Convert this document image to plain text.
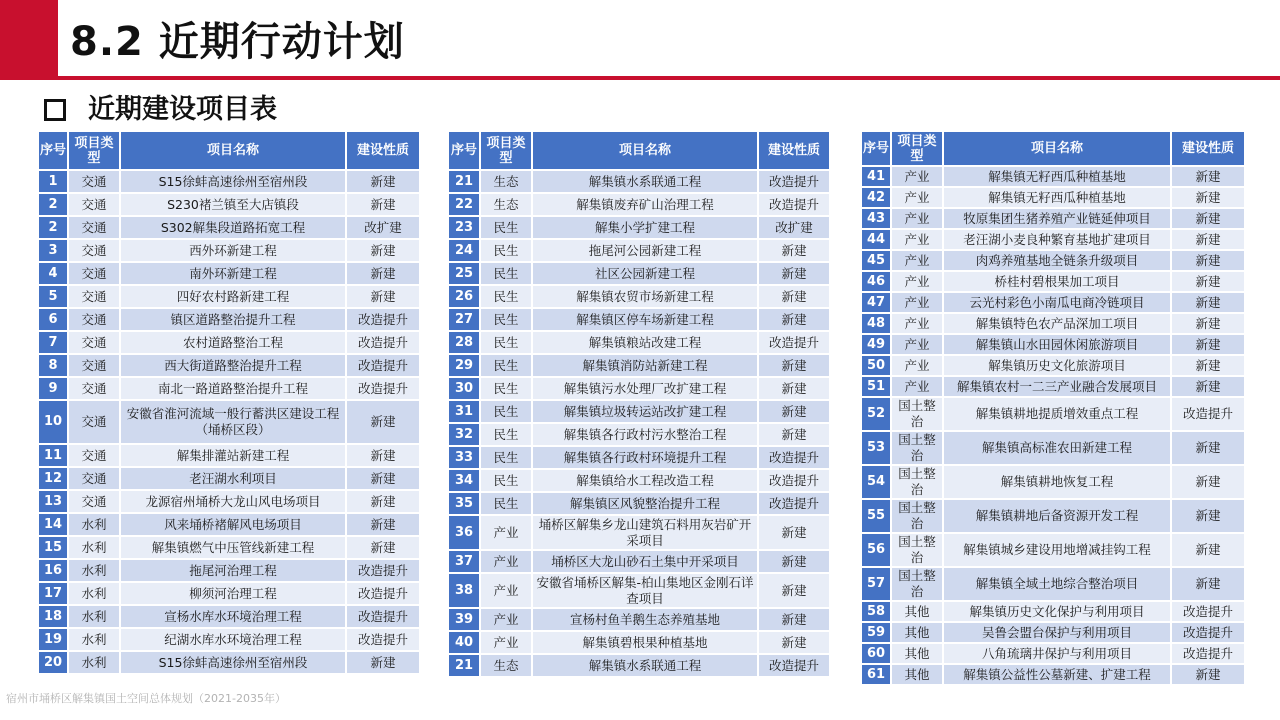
8.2 近期行动计划
近期建设项目表
序号	项目类型	项目名称	建设性质
1	交通	S15徐蚌高速徐州至宿州段	新建
2	交通	S230褚兰镇至大店镇段	新建
2	交通	S302解集段道路拓宽工程	改扩建
3	交通	西外环新建工程	新建
4	交通	南外环新建工程	新建
5	交通	四好农村路新建工程	新建
6	交通	镇区道路整治提升工程	改造提升
7	交通	农村道路整治工程	改造提升
8	交通	西大街道路整治提升工程	改造提升
9	交通	南北一路道路整治提升工程	改造提升
10	交通	安徽省淮河流域一般行蓄洪区建设工程（埇桥区段）	新建
11	交通	解集排灌站新建工程	新建
12	交通	老汪湖水利项目	新建
13	交通	龙源宿州埇桥大龙山风电场项目	新建
14	水利	风来埇桥褚解风电场项目	新建
15	水利	解集镇燃气中压管线新建工程	新建
16	水利	拖尾河治理工程	改造提升
17	水利	柳须河治理工程	改造提升
18	水利	宣杨水库水环境治理工程	改造提升
19	水利	纪湖水库水环境治理工程	改造提升
20	水利	S15徐蚌高速徐州至宿州段	新建
序号	项目类型	项目名称	建设性质
21	生态	解集镇水系联通工程	改造提升
22	生态	解集镇废弃矿山治理工程	改造提升
23	民生	解集小学扩建工程	改扩建
24	民生	拖尾河公园新建工程	新建
25	民生	社区公园新建工程	新建
26	民生	解集镇农贸市场新建工程	新建
27	民生	解集镇区停车场新建工程	新建
28	民生	解集镇粮站改建工程	改造提升
29	民生	解集镇消防站新建工程	新建
30	民生	解集镇污水处理厂改扩建工程	新建
31	民生	解集镇垃圾转运站改扩建工程	新建
32	民生	解集镇各行政村污水整治工程	新建
33	民生	解集镇各行政村环境提升工程	改造提升
34	民生	解集镇给水工程改造工程	改造提升
35	民生	解集镇区风貌整治提升工程	改造提升
36	产业	埇桥区解集乡龙山建筑石料用灰岩矿开采项目	新建
37	产业	埇桥区大龙山砂石土集中开采项目	新建
38	产业	安徽省埇桥区解集-柏山集地区金刚石详查项目	新建
39	产业	宣杨村鱼羊鹅生态养殖基地	新建
40	产业	解集镇碧根果种植基地	新建
21	生态	解集镇水系联通工程	改造提升
序号	项目类型	项目名称	建设性质
41	产业	解集镇无籽西瓜种植基地	新建
42	产业	解集镇无籽西瓜种植基地	新建
43	产业	牧原集团生猪养殖产业链延伸项目	新建
44	产业	老汪湖小麦良种繁育基地扩建项目	新建
45	产业	肉鸡养殖基地全链条升级项目	新建
46	产业	桥桂村碧根果加工项目	新建
47	产业	云光村彩色小南瓜电商冷链项目	新建
48	产业	解集镇特色农产品深加工项目	新建
49	产业	解集镇山水田园休闲旅游项目	新建
50	产业	解集镇历史文化旅游项目	新建
51	产业	解集镇农村一二三产业融合发展项目	新建
52	国土整治	解集镇耕地提质增效重点工程	改造提升
53	国土整治	解集镇高标准农田新建工程	新建
54	国土整治	解集镇耕地恢复工程	新建
55	国土整治	解集镇耕地后备资源开发工程	新建
56	国土整治	解集镇城乡建设用地增减挂钩工程	新建
57	国土整治	解集镇全域土地综合整治项目	新建
58	其他	解集镇历史文化保护与利用项目	改造提升
59	其他	吴鲁会盟台保护与利用项目	改造提升
60	其他	八角琉璃井保护与利用项目	改造提升
61	其他	解集镇公益性公墓新建、扩建工程	新建
宿州市埇桥区解集镇国土空间总体规划（2021-2035年）
